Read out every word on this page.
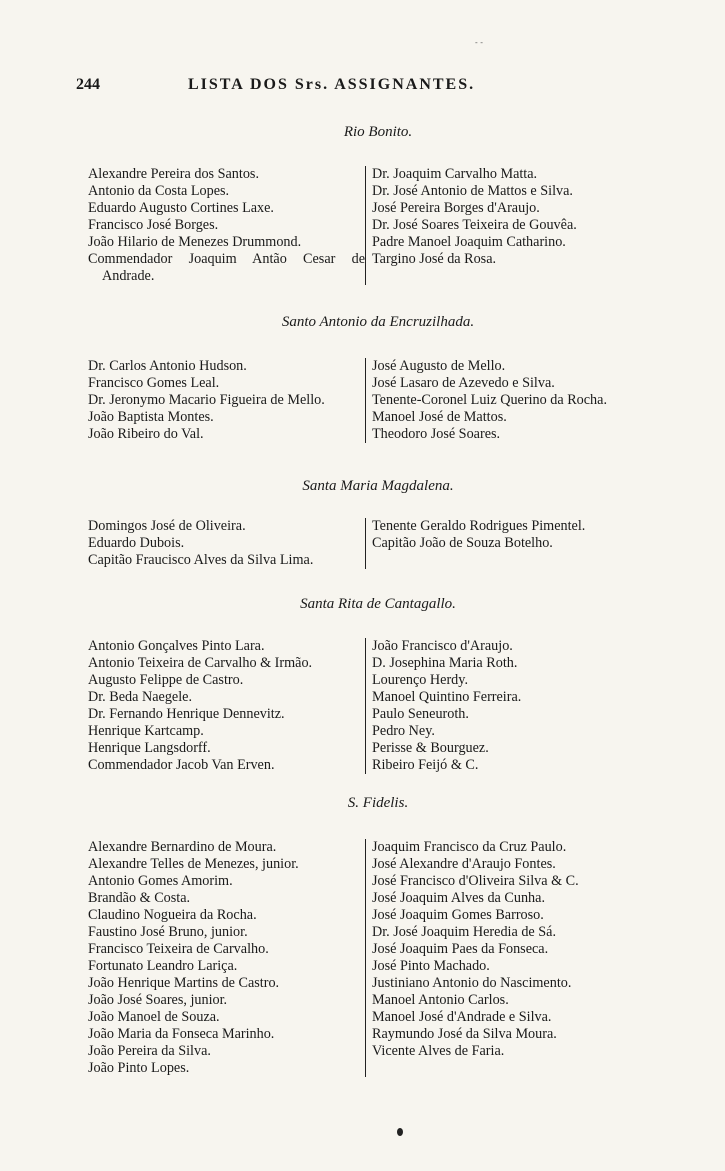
- -
244	LISTA DOS Srs. ASSIGNANTES.
Rio Bonito.
Alexandre Pereira dos Santos.
Antonio da Costa Lopes.
Eduardo Augusto Cortines Laxe.
Francisco José Borges.
João Hilario de Menezes Drummond.
Commendador Joaquim Antão Cesar de Andrade.
Dr. Joaquim Carvalho Matta.
Dr. José Antonio de Mattos e Silva.
José Pereira Borges d'Araujo.
Dr. José Soares Teixeira de Gouvêa.
Padre Manoel Joaquim Catharino.
Targino José da Rosa.
Santo Antonio da Encruzilhada.
Dr. Carlos Antonio Hudson.
Francisco Gomes Leal.
Dr. Jeronymo Macario Figueira de Mello.
João Baptista Montes.
João Ribeiro do Val.
José Augusto de Mello.
José Lasaro de Azevedo e Silva.
Tenente-Coronel Luiz Querino da Rocha.
Manoel José de Mattos.
Theodoro José Soares.
Santa Maria Magdalena.
Domingos José de Oliveira.
Eduardo Dubois.
Capitão Fraucisco Alves da Silva Lima.
Tenente Geraldo Rodrigues Pimentel.
Capitão João de Souza Botelho.
Santa Rita de Cantagallo.
Antonio Gonçalves Pinto Lara.
Antonio Teixeira de Carvalho & Irmão.
Augusto Felippe de Castro.
Dr. Beda Naegele.
Dr. Fernando Henrique Dennevitz.
Henrique Kartcamp.
Henrique Langsdorff.
Commendador Jacob Van Erven.
João Francisco d'Araujo.
D. Josephina Maria Roth.
Lourenço Herdy.
Manoel Quintino Ferreira.
Paulo Seneuroth.
Pedro Ney.
Perisse & Bourguez.
Ribeiro Feijó & C.
S. Fidelis.
Alexandre Bernardino de Moura.
Alexandre Telles de Menezes, junior.
Antonio Gomes Amorim.
Brandão & Costa.
Claudino Nogueira da Rocha.
Faustino José Bruno, junior.
Francisco Teixeira de Carvalho.
Fortunato Leandro Lariça.
João Henrique Martins de Castro.
João José Soares, junior.
João Manoel de Souza.
João Maria da Fonseca Marinho.
João Pereira da Silva.
João Pinto Lopes.
Joaquim Francisco da Cruz Paulo.
José Alexandre d'Araujo Fontes.
José Francisco d'Oliveira Silva & C.
José Joaquim Alves da Cunha.
José Joaquim Gomes Barroso.
Dr. José Joaquim Heredia de Sá.
José Joaquim Paes da Fonseca.
José Pinto Machado.
Justiniano Antonio do Nascimento.
Manoel Antonio Carlos.
Manoel José d'Andrade e Silva.
Raymundo José da Silva Moura.
Vicente Alves de Faria.
